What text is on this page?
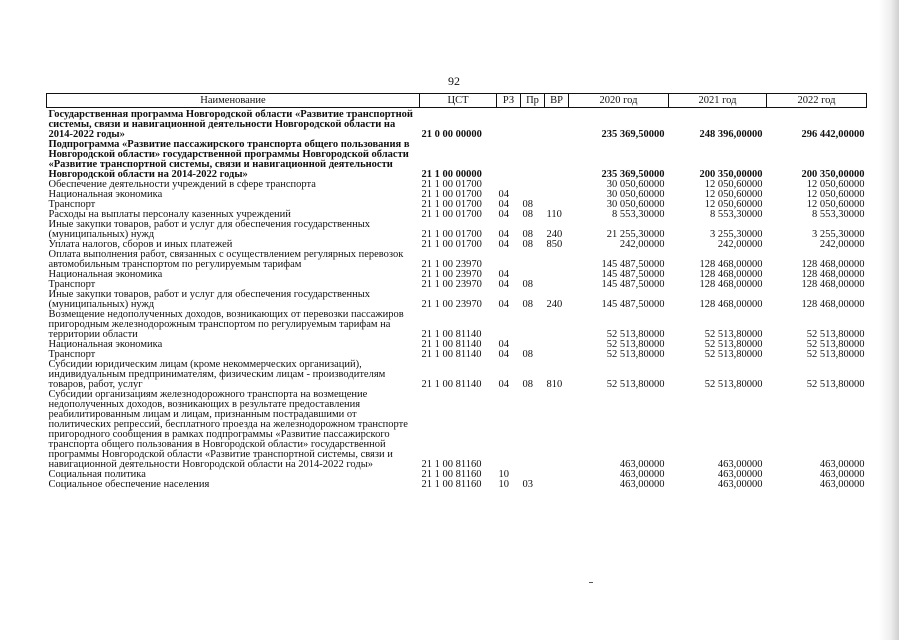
92
Наименование	ЦСТ	РЗ	Пр	ВР	2020 год	2021 год	2022 год
Государственная программа Новгородской области «Развитие транспортной системы, связи и навигационной деятельности Новгородской области на 2014-2022 годы»	21 0 00 00000				235 369,50000	248 396,00000	296 442,00000
Подпрограмма «Развитие пассажирского транспорта общего пользования в Новгородской области» государственной программы Новгородской области «Развитие транспортной системы, связи и навигационной деятельности Новгородской области на 2014-2022 годы»	21 1 00 00000				235 369,50000	200 350,00000	200 350,00000
Обеспечение деятельности учреждений в сфере транспорта	21 1 00 01700				30 050,60000	12 050,60000	12 050,60000
Национальная экономика	21 1 00 01700	04			30 050,60000	12 050,60000	12 050,60000
Транспорт	21 1 00 01700	04	08		30 050,60000	12 050,60000	12 050,60000
Расходы на выплаты персоналу казенных учреждений	21 1 00 01700	04	08	110	8 553,30000	8 553,30000	8 553,30000
Иные закупки товаров, работ и услуг для обеспечения государственных (муниципальных) нужд	21 1 00 01700	04	08	240	21 255,30000	3 255,30000	3 255,30000
Уплата налогов, сборов и иных платежей	21 1 00 01700	04	08	850	242,00000	242,00000	242,00000
Оплата выполнения работ, связанных с осуществлением регулярных перевозок автомобильным транспортом по регулируемым тарифам	21 1 00 23970				145 487,50000	128 468,00000	128 468,00000
Национальная экономика	21 1 00 23970	04			145 487,50000	128 468,00000	128 468,00000
Транспорт	21 1 00 23970	04	08		145 487,50000	128 468,00000	128 468,00000
Иные закупки товаров, работ и услуг для обеспечения государственных (муниципальных) нужд	21 1 00 23970	04	08	240	145 487,50000	128 468,00000	128 468,00000
Возмещение недополученных доходов, возникающих от перевозки пассажиров пригородным железнодорожным транспортом по регулируемым тарифам на территории области	21 1 00 81140				52 513,80000	52 513,80000	52 513,80000
Национальная экономика	21 1 00 81140	04			52 513,80000	52 513,80000	52 513,80000
Транспорт	21 1 00 81140	04	08		52 513,80000	52 513,80000	52 513,80000
Субсидии юридическим лицам (кроме некоммерческих организаций), индивидуальным предпринимателям, физическим лицам - производителям товаров, работ, услуг	21 1 00 81140	04	08	810	52 513,80000	52 513,80000	52 513,80000
Субсидии организациям железнодорожного транспорта на возмещение недополученных доходов, возникающих в результате предоставления реабилитированным лицам и лицам, признанным пострадавшими от политических репрессий, бесплатного проезда на железнодорожном транспорте пригородного сообщения в рамках подпрограммы «Развитие пассажирского транспорта общего пользования в Новгородской области» государственной программы Новгородской области «Развитие транспортной системы, связи и навигационной деятельности Новгородской области на 2014-2022 годы»	21 1 00 81160				463,00000	463,00000	463,00000
Социальная политика	21 1 00 81160	10			463,00000	463,00000	463,00000
Социальное обеспечение населения	21 1 00 81160	10	03		463,00000	463,00000	463,00000
